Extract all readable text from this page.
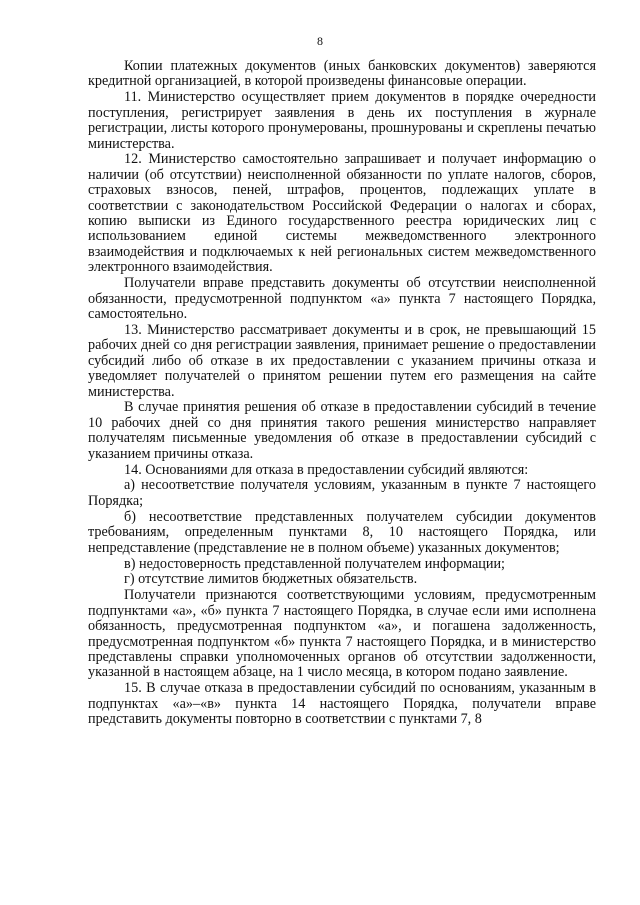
8

Копии платежных документов (иных банковских документов) заверяются кредитной организацией, в которой произведены финансовые операции.

11. Министерство осуществляет прием документов в порядке очередности поступления, регистрирует заявления в день их поступления в журнале регистрации, листы которого пронумерованы, прошнурованы и скреплены печатью министерства.

12. Министерство самостоятельно запрашивает и получает информацию о наличии (об отсутствии) неисполненной обязанности по уплате налогов, сборов, страховых взносов, пеней, штрафов, процентов, подлежащих уплате в соответствии с законодательством Российской Федерации о налогах и сборах, копию выписки из Единого государственного реестра юридических лиц с использованием единой системы межведомственного электронного взаимодействия и подключаемых к ней региональных систем межведомственного электронного взаимодействия.

Получатели вправе представить документы об отсутствии неисполненной обязанности, предусмотренной подпунктом «а» пункта 7 настоящего Порядка, самостоятельно.

13. Министерство рассматривает документы и в срок, не превышающий 15 рабочих дней со дня регистрации заявления, принимает решение о предоставлении субсидий либо об отказе в их предоставлении с указанием причины отказа и уведомляет получателей о принятом решении путем его размещения на сайте министерства.

В случае принятия решения об отказе в предоставлении субсидий в течение 10 рабочих дней со дня принятия такого решения министерство направляет получателям письменные уведомления об отказе в предоставлении субсидий с указанием причины отказа.

14. Основаниями для отказа в предоставлении субсидий являются:

а) несоответствие получателя условиям, указанным в пункте 7 настоящего Порядка;

б) несоответствие представленных получателем субсидии документов требованиям, определенным пунктами 8, 10 настоящего Порядка, или непредставление (представление не в полном объеме) указанных документов;

в) недостоверность представленной получателем информации;

г) отсутствие лимитов бюджетных обязательств.

Получатели признаются соответствующими условиям, предусмотренным подпунктами «а», «б» пункта 7 настоящего Порядка, в случае если ими исполнена обязанность, предусмотренная подпунктом «а», и погашена задолженность, предусмотренная подпунктом «б» пункта 7 настоящего Порядка, и в министерство представлены справки уполномоченных органов об отсутствии задолженности, указанной в настоящем абзаце, на 1 число месяца, в котором подано заявление.

15. В случае отказа в предоставлении субсидий по основаниям, указанным в подпунктах «а»–«в» пункта 14 настоящего Порядка, получатели вправе представить документы повторно в соответствии с пунктами 7, 8
